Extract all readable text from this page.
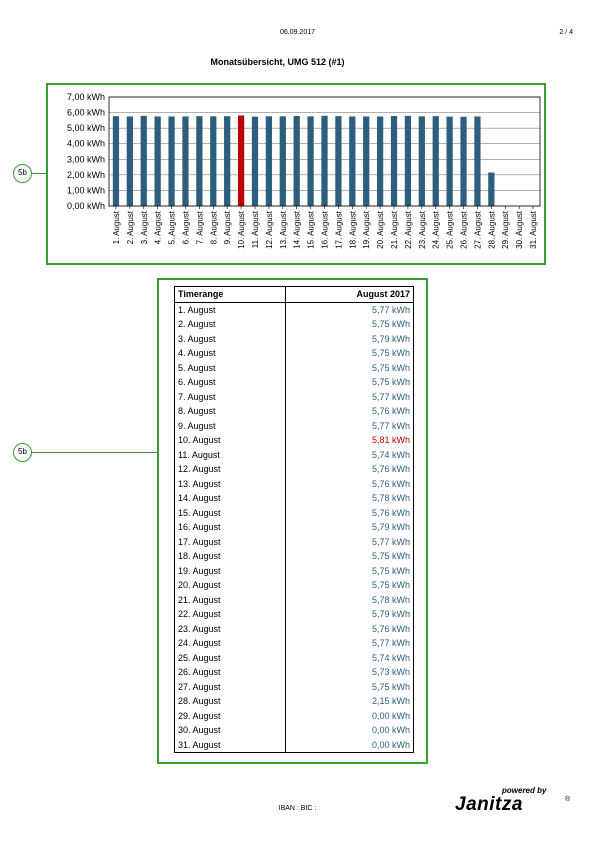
06.09.2017	2 / 4
Monatsübersicht, UMG 512 (#1)
5b
0,00 kWh
1,00 kWh
2,00 kWh
3,00 kWh
4,00 kWh
5,00 kWh
6,00 kWh
7,00 kWh
1. August 2. August 3. August 4. August 5. August 6. August 7. August 8. August 9. August 10. August 11. August 12. August 13. August 14. August 15. August 16. August 17. August 18. August 19. August 20. August 21. August 22. August 23. August 24. August 25. August 26. August 27. August 28. August 29. August 30. August 31. August
5b
Timerange	August 2017
1. August	5,77 kWh
2. August	5,75 kWh
3. August	5,79 kWh
4. August	5,75 kWh
5. August	5,75 kWh
6. August	5,75 kWh
7. August	5,77 kWh
8. August	5,76 kWh
9. August	5,77 kWh
10. August	5,81 kWh
11. August	5,74 kWh
12. August	5,76 kWh
13. August	5,76 kWh
14. August	5,78 kWh
15. August	5,76 kWh
16. August	5,79 kWh
17. August	5,77 kWh
18. August	5,75 kWh
19. August	5,75 kWh
20. August	5,75 kWh
21. August	5,78 kWh
22. August	5,79 kWh
23. August	5,76 kWh
24. August	5,77 kWh
25. August	5,74 kWh
26. August	5,73 kWh
27. August	5,75 kWh
28. August	2,15 kWh
29. August	0,00 kWh
30. August	0,00 kWh
31. August	0,00 kWh
IBAN : BIC :
powered by
Janitza	®
